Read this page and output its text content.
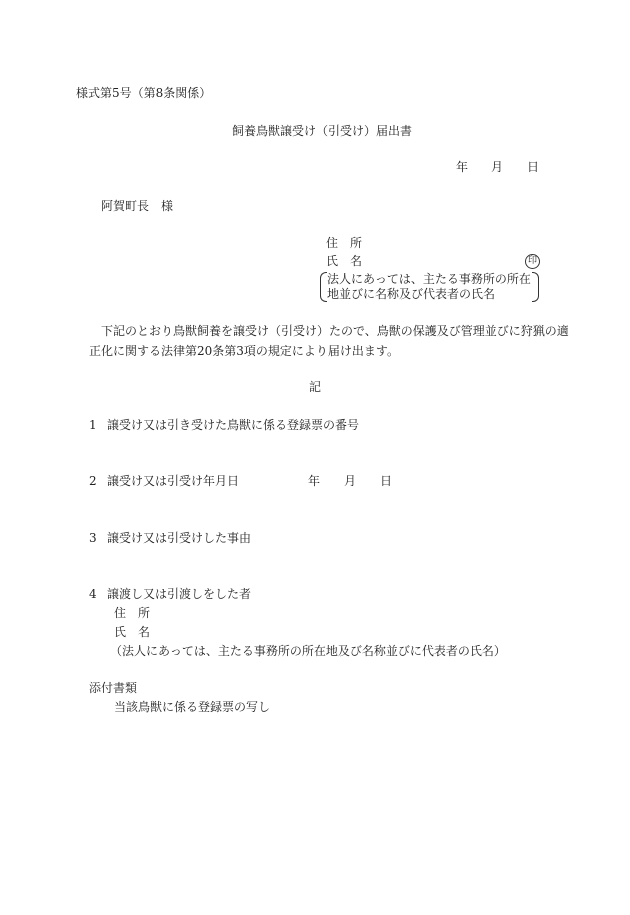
様式第5号（第8条関係）
飼養鳥獣譲受け（引受け）届出書
年 月 日
阿賀町長　様
住　所
氏　名	印
法人にあっては、主たる事務所の所在
地並びに名称及び代表者の氏名
下記のとおり鳥獣飼養を譲受け（引受け）たので、鳥獣の保護及び管理並びに狩猟の適
正化に関する法律第20条第3項の規定により届け出ます。
記
1 譲受け又は引き受けた鳥獣に係る登録票の番号
2 譲受け又は引受け年月日	年 月 日
3 譲受け又は引受けした事由
4 譲渡し又は引渡しをした者
住　所
氏　名
（法人にあっては、主たる事務所の所在地及び名称並びに代表者の氏名）
添付書類
当該鳥獣に係る登録票の写し
